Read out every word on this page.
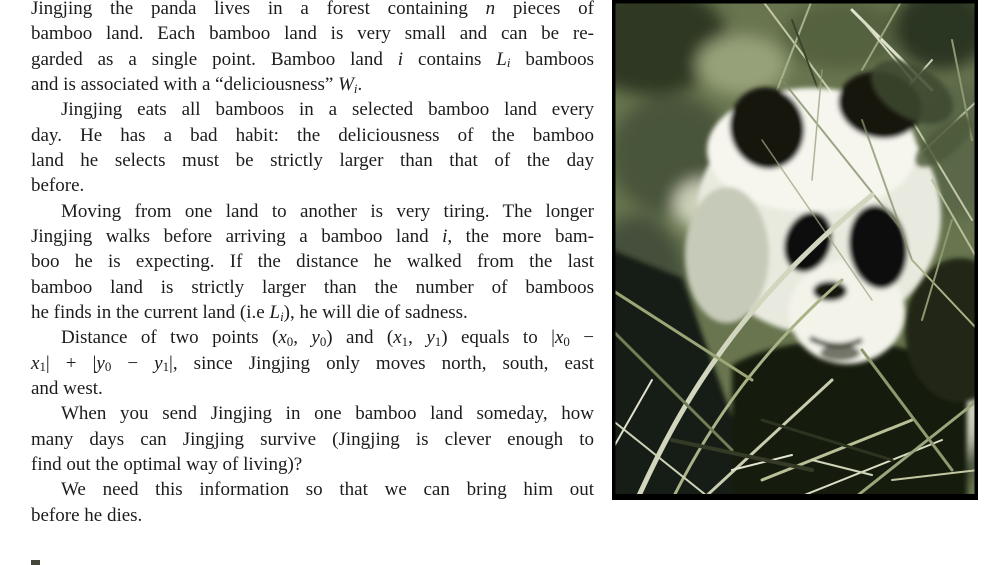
Jingjing the panda lives in a forest containing n pieces of
bamboo land. Each bamboo land is very small and can be re-
garded as a single point. Bamboo land i contains $L_i$ bamboos
and is associated with a “deliciousness” $W_i$.
Jingjing eats all bamboos in a selected bamboo land every
day. He has a bad habit: the deliciousness of the bamboo
land he selects must be strictly larger than that of the day
before.
Moving from one land to another is very tiring. The longer
Jingjing walks before arriving a bamboo land i, the more bam-
boo he is expecting. If the distance he walked from the last
bamboo land is strictly larger than the number of bamboos
he finds in the current land (i.e $L_i$), he will die of sadness.
Distance of two points ($x_0$, $y_0$) and ($x_1$, $y_1$) equals to $|x_0$ −
$x_1| + |y_0 - y_1|$, since Jingjing only moves north, south, east
and west.
When you send Jingjing in one bamboo land someday, how
many days can Jingjing survive (Jingjing is clever enough to
find out the optimal way of living)?
We need this information so that we can bring him out
before he dies.
